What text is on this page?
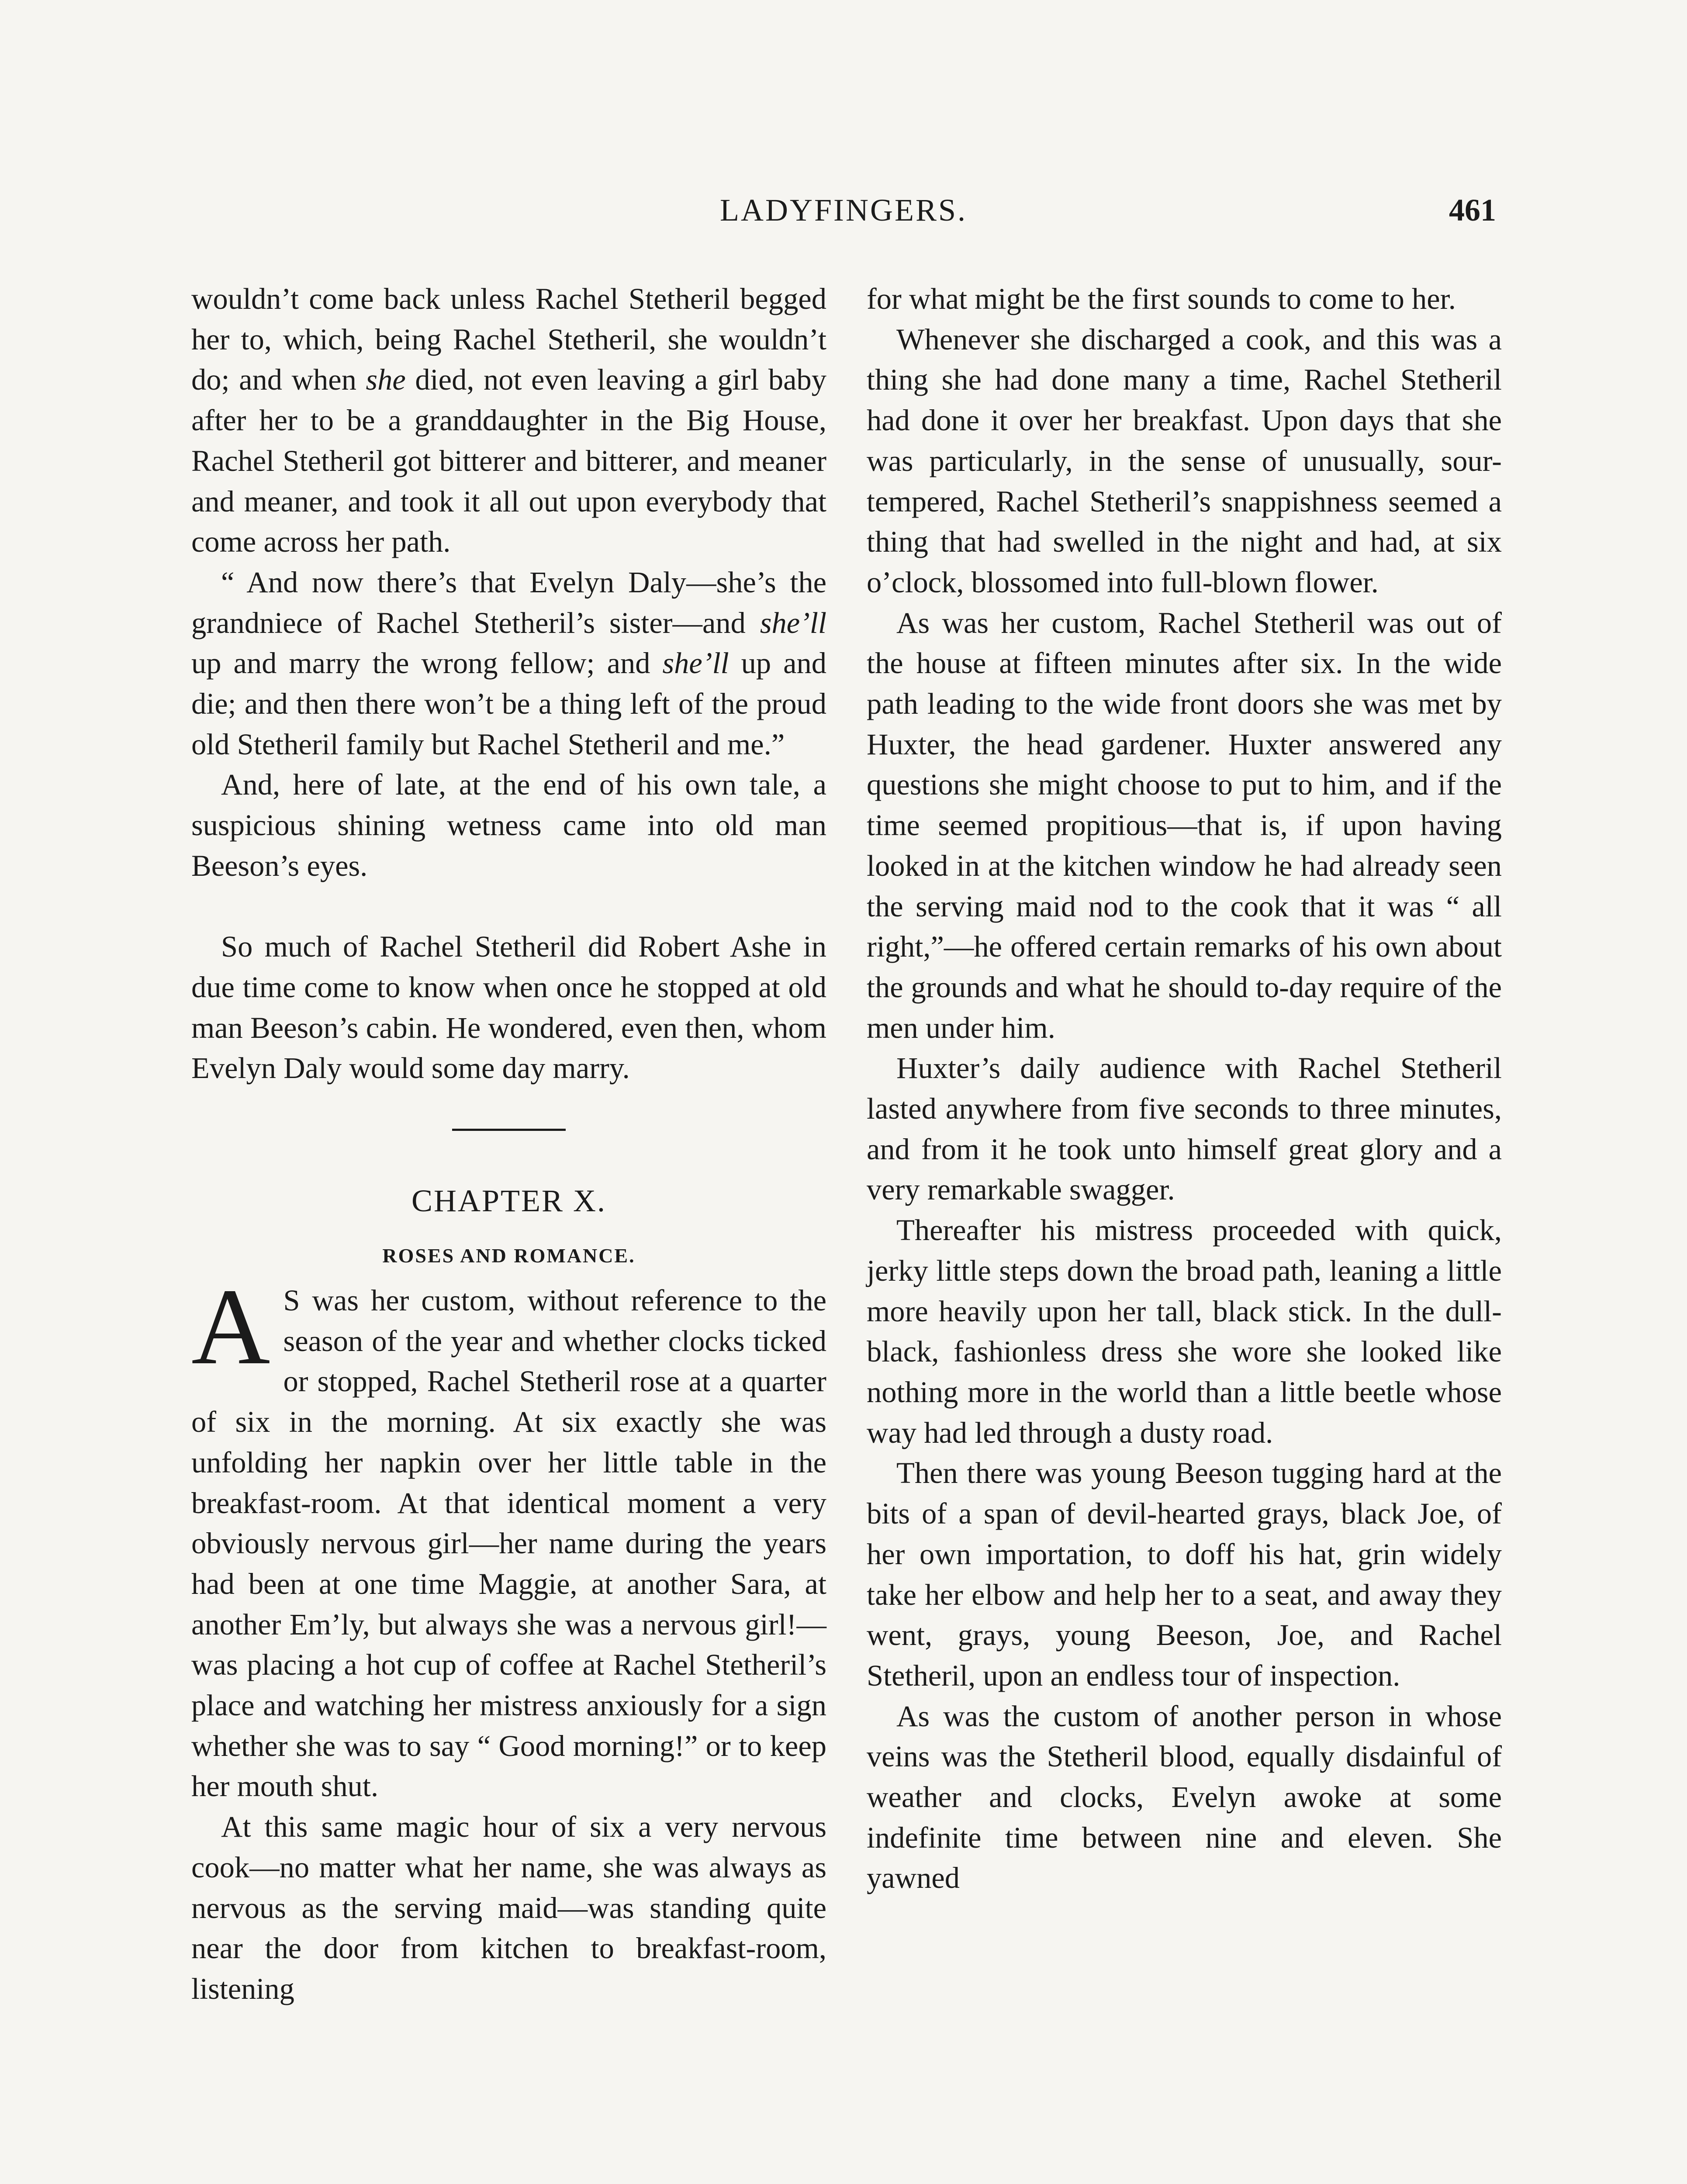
LADYFINGERS.	461

wouldn’t come back unless Rachel Stetheril begged her to, which, being Rachel Stetheril, she wouldn’t do; and when she died, not even leaving a girl baby after her to be a granddaughter in the Big House, Rachel Stetheril got bitterer and bitterer, and meaner and meaner, and took it all out upon everybody that come across her path.

“ And now there’s that Evelyn Daly—she’s the grandniece of Rachel Stetheril’s sister—and she’ll up and marry the wrong fellow; and she’ll up and die; and then there won’t be a thing left of the proud old Stetheril family but Rachel Stetheril and me.”

And, here of late, at the end of his own tale, a suspicious shining wetness came into old man Beeson’s eyes.

So much of Rachel Stetheril did Robert Ashe in due time come to know when once he stopped at old man Beeson’s cabin. He wondered, even then, whom Evelyn Daly would some day marry.

CHAPTER X.
ROSES AND ROMANCE.
A S was her custom, without reference to the season of the year and whether clocks ticked or stopped, Rachel Stetheril rose at a quarter of six in the morning. At six exactly she was unfolding her napkin over her little table in the breakfast-room. At that identical moment a very obviously nervous girl—her name during the years had been at one time Maggie, at another Sara, at another Em’ly, but always she was a nervous girl!—was placing a hot cup of coffee at Rachel Stetheril’s place and watching her mistress anxiously for a sign whether she was to say “ Good morning!” or to keep her mouth shut.

At this same magic hour of six a very nervous cook—no matter what her name, she was always as nervous as the serving maid—was standing quite near the door from kitchen to breakfast-room, listening

for what might be the first sounds to come to her.

Whenever she discharged a cook, and this was a thing she had done many a time, Rachel Stetheril had done it over her breakfast. Upon days that she was particularly, in the sense of unusually, sour-tempered, Rachel Stetheril’s snappishness seemed a thing that had swelled in the night and had, at six o’clock, blossomed into full-blown flower.

As was her custom, Rachel Stetheril was out of the house at fifteen minutes after six. In the wide path leading to the wide front doors she was met by Huxter, the head gardener. Huxter answered any questions she might choose to put to him, and if the time seemed propitious—that is, if upon having looked in at the kitchen window he had already seen the serving maid nod to the cook that it was “ all right,”—he offered certain remarks of his own about the grounds and what he should to-day require of the men under him.

Huxter’s daily audience with Rachel Stetheril lasted anywhere from five seconds to three minutes, and from it he took unto himself great glory and a very remarkable swagger.

Thereafter his mistress proceeded with quick, jerky little steps down the broad path, leaning a little more heavily upon her tall, black stick. In the dull-black, fashionless dress she wore she looked like nothing more in the world than a little beetle whose way had led through a dusty road.

Then there was young Beeson tugging hard at the bits of a span of devil-hearted grays, black Joe, of her own importation, to doff his hat, grin widely take her elbow and help her to a seat, and away they went, grays, young Beeson, Joe, and Rachel Stetheril, upon an endless tour of inspection.

As was the custom of another person in whose veins was the Stetheril blood, equally disdainful of weather and clocks, Evelyn awoke at some indefinite time between nine and eleven. She yawned
